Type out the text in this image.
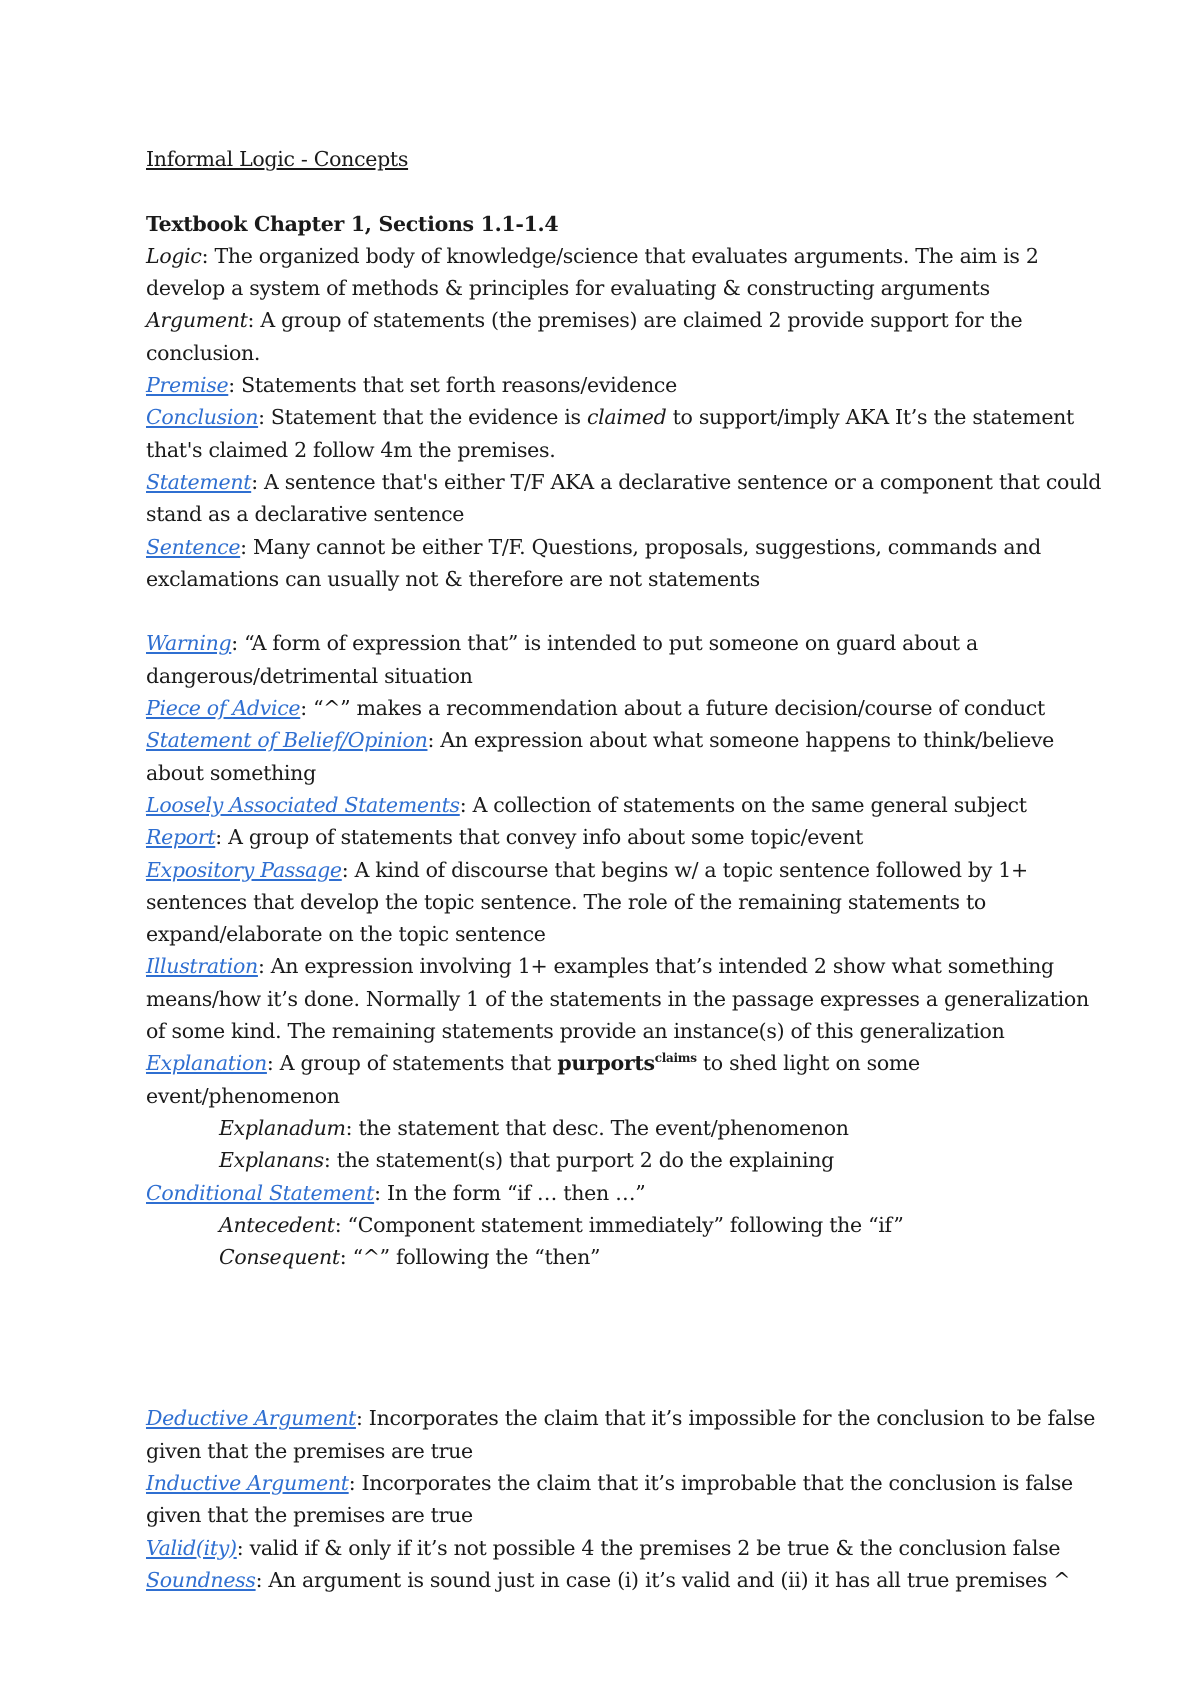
Informal Logic - Concepts
Textbook Chapter 1, Sections 1.1-1.4
Logic: The organized body of knowledge/science that evaluates arguments. The aim is 2
develop a system of methods & principles for evaluating & constructing arguments
Argument: A group of statements (the premises) are claimed 2 provide support for the
conclusion.
Premise: Statements that set forth reasons/evidence
Conclusion: Statement that the evidence is claimed to support/imply AKA It’s the statement
that's claimed 2 follow 4m the premises.
Statement: A sentence that's either T/F AKA a declarative sentence or a component that could
stand as a declarative sentence
Sentence: Many cannot be either T/F. Questions, proposals, suggestions, commands and
exclamations can usually not & therefore are not statements
Warning: “A form of expression that” is intended to put someone on guard about a
dangerous/detrimental situation
Piece of Advice: “^” makes a recommendation about a future decision/course of conduct
Statement of Belief/Opinion: An expression about what someone happens to think/believe
about something
Loosely Associated Statements: A collection of statements on the same general subject
Report: A group of statements that convey info about some topic/event
Expository Passage: A kind of discourse that begins w/ a topic sentence followed by 1+
sentences that develop the topic sentence. The role of the remaining statements to
expand/elaborate on the topic sentence
Illustration: An expression involving 1+ examples that’s intended 2 show what something
means/how it’s done. Normally 1 of the statements in the passage expresses a generalization
of some kind. The remaining statements provide an instance(s) of this generalization
Explanation: A group of statements that purports$^{claims}$ to shed light on some
event/phenomenon
Explanadum: the statement that desc. The event/phenomenon
Explanans: the statement(s) that purport 2 do the explaining
Conditional Statement: In the form “if … then …”
Antecedent: “Component statement immediately” following the “if”
Consequent: “^” following the “then”
Deductive Argument: Incorporates the claim that it’s impossible for the conclusion to be false
given that the premises are true
Inductive Argument: Incorporates the claim that it’s improbable that the conclusion is false
given that the premises are true
Valid(ity): valid if & only if it’s not possible 4 the premises 2 be true & the conclusion false
Soundness: An argument is sound just in case (i) it’s valid and (ii) it has all true premises ^
